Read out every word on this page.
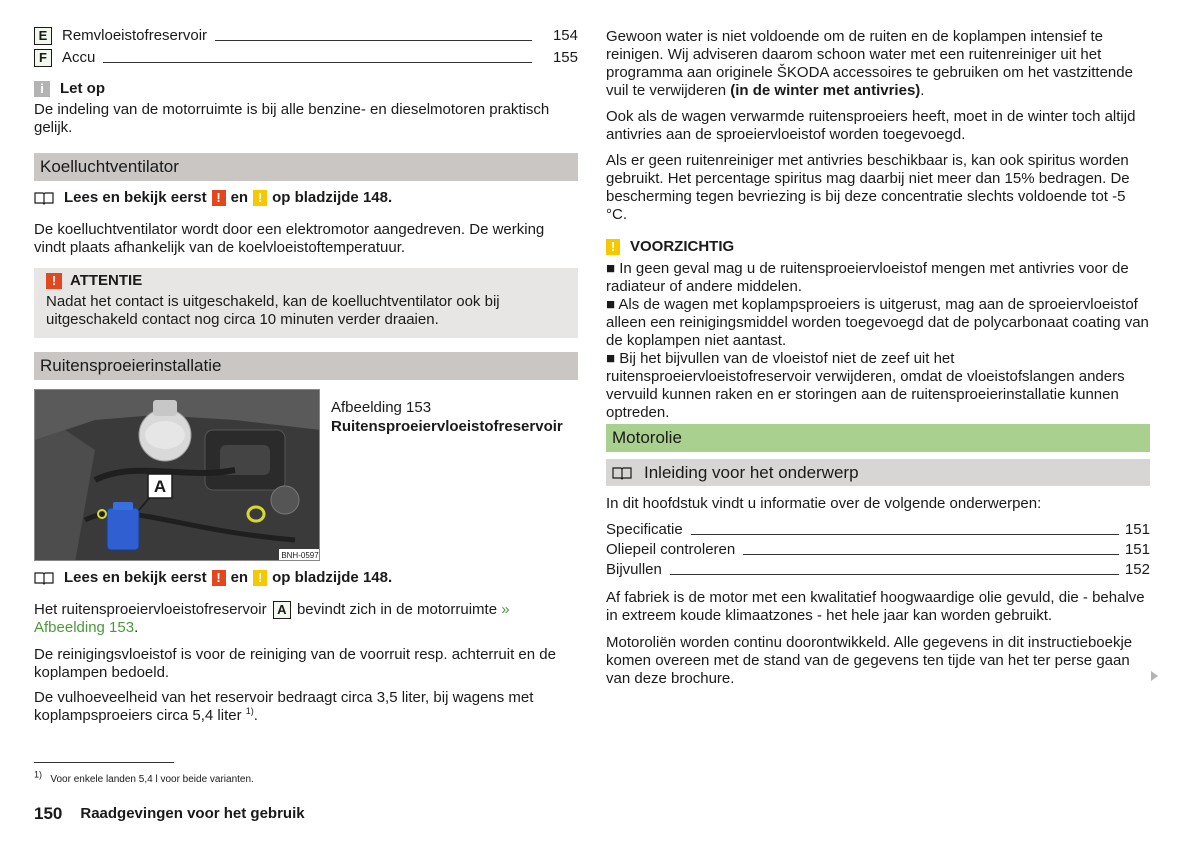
E Remvloeistofreservoir	154
F	Accu	155
i	Let op

De indeling van de motorruimte is bij alle benzine- en dieselmotoren praktisch gelijk.

Koelluchtventilator
Lees en bekijk eerst ! en ! op bladzijde 148.

De koelluchtventilator wordt door een elektromotor aangedreven. De werking vindt plaats afhankelijk van de koelvloeistoftemperatuur.

! ATTENTIE

Nadat het contact is uitgeschakeld, kan de koelluchtventilator ook bij uitgeschakeld contact nog circa 10 minuten verder draaien.

Ruitensproeierinstallatie
A
BNH-0597

Afbeelding 153

Ruitensproeiervloeistofreservoir

Lees en bekijk eerst ! en ! op bladzijde 148.

Het ruitensproeiervloeistofreservoir A bevindt zich in de motorruimte » Afbeelding 153.

De reinigingsvloeistof is voor de reiniging van de voorruit resp. achterruit en de koplampen bedoeld.

De vulhoeveelheid van het reservoir bedraagt circa 3,5 liter, bij wagens met koplampsproeiers circa 5,4 liter $^{1)}$.

$^{1)}$ Voor enkele landen 5,4 l voor beide varianten.

150 Raadgevingen voor het gebruik

Gewoon water is niet voldoende om de ruiten en de koplampen intensief te reinigen. Wij adviseren daarom schoon water met een ruitenreiniger uit het programma aan originele ŠKODA accessoires te gebruiken om het vastzittende vuil te verwijderen (in de winter met antivries).

Ook als de wagen verwarmde ruitensproeiers heeft, moet in de winter toch altijd antivries aan de sproeiervloeistof worden toegevoegd.

Als er geen ruitenreiniger met antivries beschikbaar is, kan ook spiritus worden gebruikt. Het percentage spiritus mag daarbij niet meer dan 15% bedragen. De bescherming tegen bevriezing is bij deze concentratie slechts voldoende tot -5 °C.

! VOORZICHTIG

■ In geen geval mag u de ruitensproeiervloeistof mengen met antivries voor de radiateur of andere middelen.

■ Als de wagen met koplampsproeiers is uitgerust, mag aan de sproeiervloeistof alleen een reinigingsmiddel worden toegevoegd dat de polycarbonaat coating van de koplampen niet aantast.

■ Bij het bijvullen van de vloeistof niet de zeef uit het ruitensproeiervloeistofreservoir verwijderen, omdat de vloeistofslangen anders vervuild kunnen raken en er storingen aan de ruitensproeierinstallatie kunnen optreden.

Motorolie
Inleiding voor het onderwerp

In dit hoofdstuk vindt u informatie over de volgende onderwerpen:

Specificatie	151
Oliepeil controleren	151
Bijvullen	152

Af fabriek is de motor met een kwalitatief hoogwaardige olie gevuld, die - behalve in extreem koude klimaatzones - het hele jaar kan worden gebruikt.

Motoroliën worden continu doorontwikkeld. Alle gegevens in dit instructieboekje komen overeen met de stand van de gegevens ten tijde van het ter perse gaan van deze brochure.
